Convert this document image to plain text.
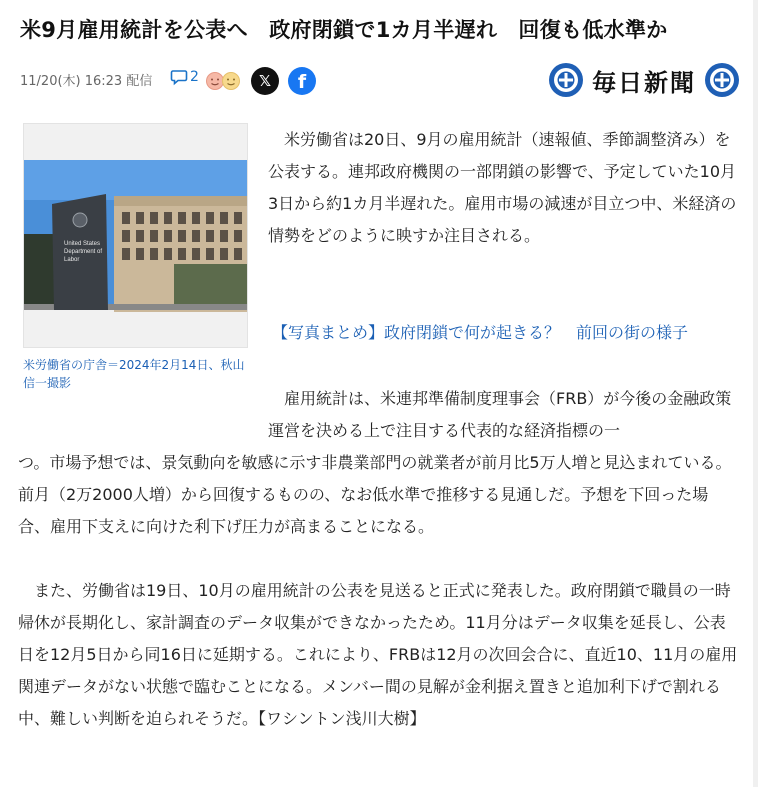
米9月雇用統計を公表へ　政府閉鎖で1カ月半遅れ　回復も低水準か
11/20(木) 16:23 配信	2	𝕏	f	毎日新聞
United States
Department of
Labor
米労働省の庁舎＝2024年2月14日、秋山信一撮影

米労働省は20日、9月の雇用統計（速報値、季節調整済み）を公表する。連邦政府機関の一部閉鎖の影響で、予定していた10月3日から約1カ月半遅れた。雇用市場の減速が目立つ中、米経済の情勢をどのように映すか注目される。

【写真まとめ】政府閉鎖で何が起きる？　前回の街の様子

雇用統計は、米連邦準備制度理事会（FRB）が今後の金融政策運営を決める上で注目する代表的な経済指標の一

つ。市場予想では、景気動向を敏感に示す非農業部門の就業者が前月比5万人増と見込まれている。前月（2万2000人増）から回復するものの、なお低水準で推移する見通しだ。予想を下回った場合、雇用下支えに向けた利下げ圧力が高まることになる。

また、労働省は19日、10月の雇用統計の公表を見送ると正式に発表した。政府閉鎖で職員の一時帰休が長期化し、家計調査のデータ収集ができなかったため。11月分はデータ収集を延長し、公表日を12月5日から同16日に延期する。これにより、FRBは12月の次回会合に、直近10、11月の雇用関連データがない状態で臨むことになる。メンバー間の見解が金利据え置きと追加利下げで割れる中、難しい判断を迫られそうだ。【ワシントン浅川大樹】
